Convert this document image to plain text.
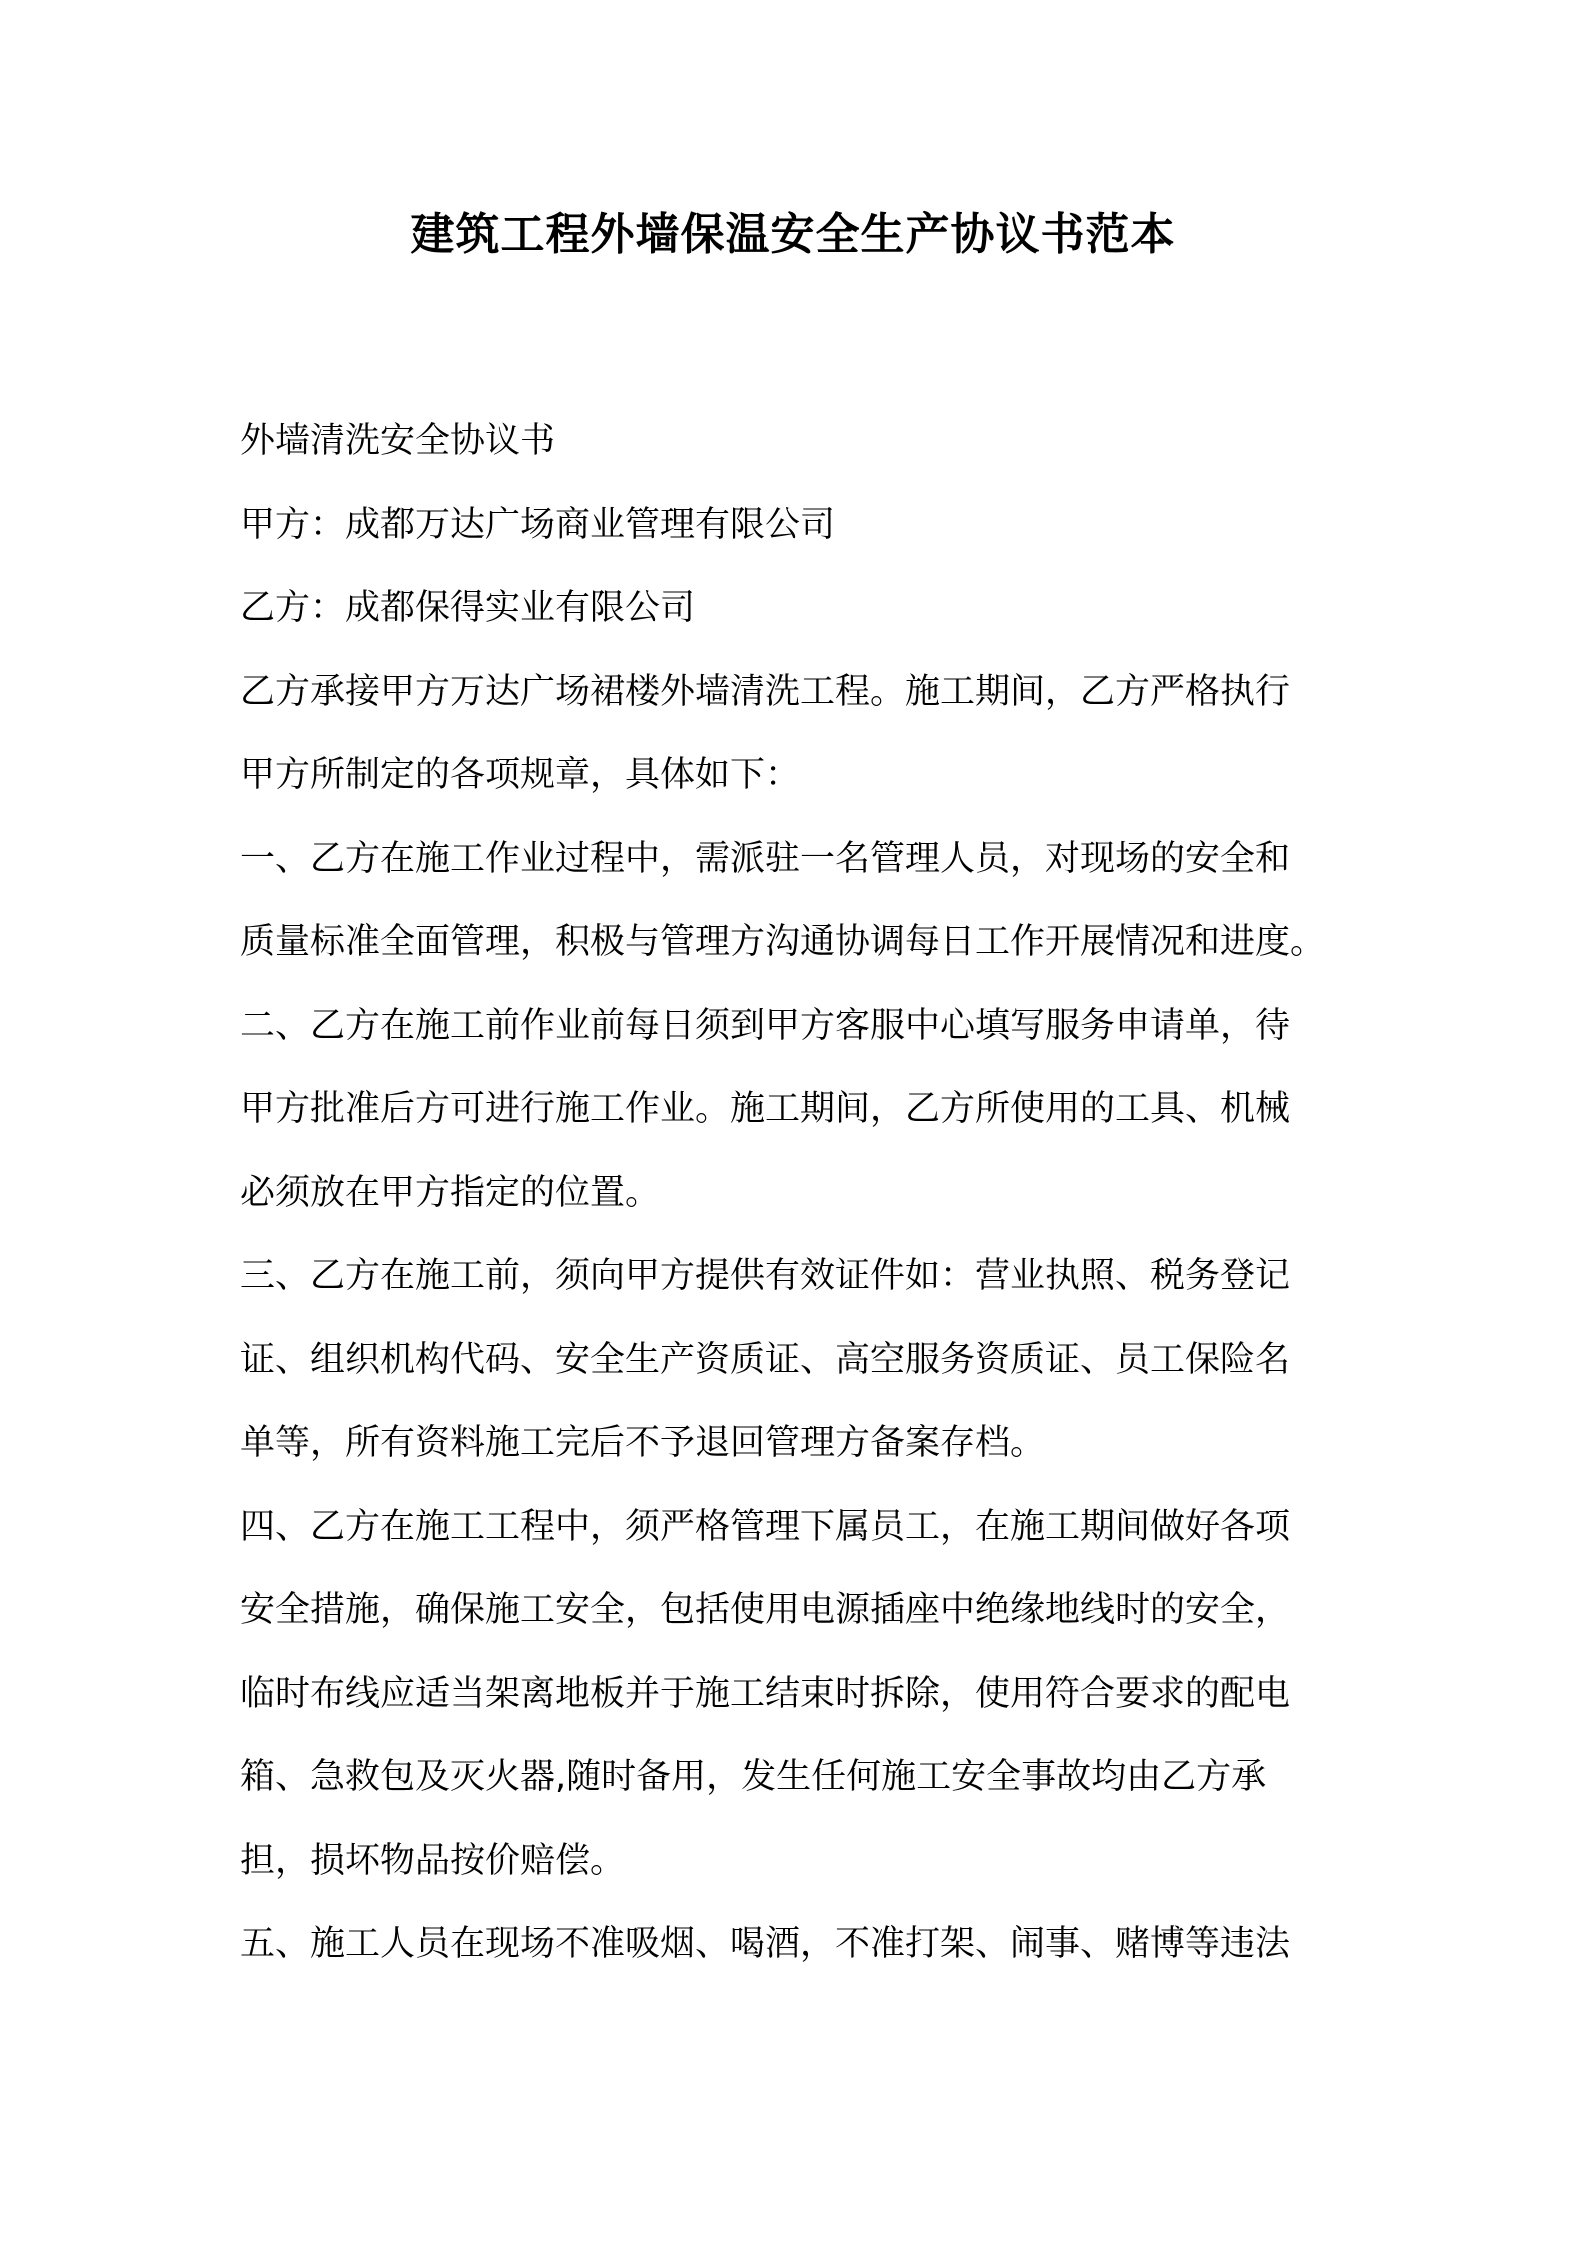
建筑工程外墙保温安全生产协议书范本

外墙清洗安全协议书

甲方：成都万达广场商业管理有限公司

乙方：成都保得实业有限公司

乙方承接甲方万达广场裙楼外墙清洗工程。施工期间，乙方严格执行

甲方所制定的各项规章，具体如下：

一、乙方在施工作业过程中，需派驻一名管理人员，对现场的安全和

质量标准全面管理，积极与管理方沟通协调每日工作开展情况和进度。

二、乙方在施工前作业前每日须到甲方客服中心填写服务申请单，待

甲方批准后方可进行施工作业。施工期间，乙方所使用的工具、机械

必须放在甲方指定的位置。

三、乙方在施工前，须向甲方提供有效证件如：营业执照、税务登记

证、组织机构代码、安全生产资质证、高空服务资质证、员工保险名

单等，所有资料施工完后不予退回管理方备案存档。

四、乙方在施工工程中，须严格管理下属员工，在施工期间做好各项

安全措施，确保施工安全，包括使用电源插座中绝缘地线时的安全，

临时布线应适当架离地板并于施工结束时拆除，使用符合要求的配电

箱、急救包及灭火器,随时备用，发生任何施工安全事故均由乙方承

担，损坏物品按价赔偿。

五、施工人员在现场不准吸烟、喝酒，不准打架、闹事、赌博等违法
